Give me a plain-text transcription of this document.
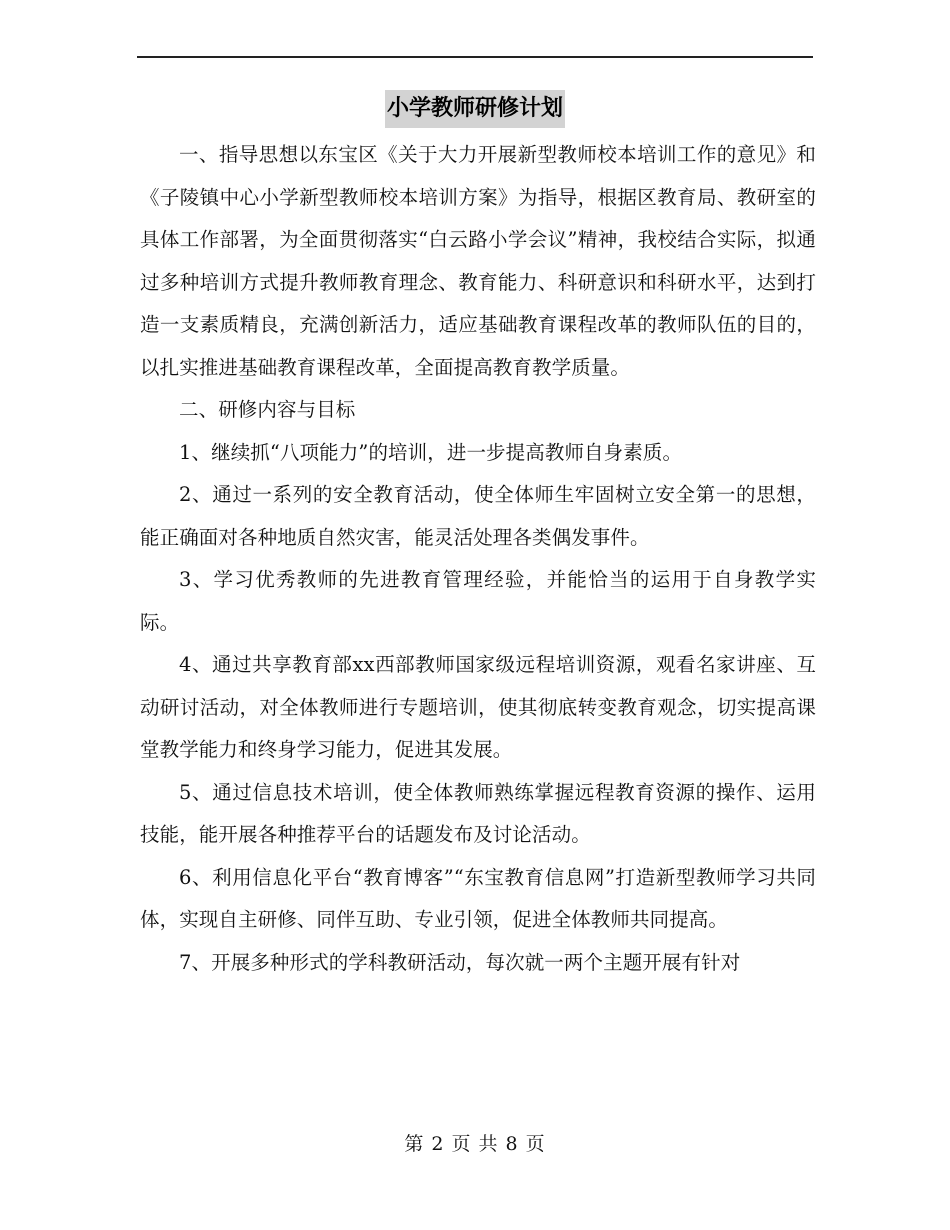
小学教师研修计划

一、指导思想以东宝区《关于大力开展新型教师校本培训工作的意见》和《子陵镇中心小学新型教师校本培训方案》为指导，根据区教育局、教研室的具体工作部署，为全面贯彻落实“白云路小学会议”精神，我校结合实际，拟通过多种培训方式提升教师教育理念、教育能力、科研意识和科研水平，达到打造一支素质精良，充满创新活力，适应基础教育课程改革的教师队伍的目的，以扎实推进基础教育课程改革，全面提高教育教学质量。

二、研修内容与目标

1、继续抓“八项能力”的培训，进一步提高教师自身素质。

2、通过一系列的安全教育活动，使全体师生牢固树立安全第一的思想，能正确面对各种地质自然灾害，能灵活处理各类偶发事件。

3、学习优秀教师的先进教育管理经验，并能恰当的运用于自身教学实际。

4、通过共享教育部xx西部教师国家级远程培训资源，观看名家讲座、互动研讨活动，对全体教师进行专题培训，使其彻底转变教育观念，切实提高课堂教学能力和终身学习能力，促进其发展。

5、通过信息技术培训，使全体教师熟练掌握远程教育资源的操作、运用技能，能开展各种推荐平台的话题发布及讨论活动。

6、利用信息化平台“教育博客”“东宝教育信息网”打造新型教师学习共同体，实现自主研修、同伴互助、专业引领，促进全体教师共同提高。

7、开展多种形式的学科教研活动，每次就一两个主题开展有针对

第 2 页 共 8 页
